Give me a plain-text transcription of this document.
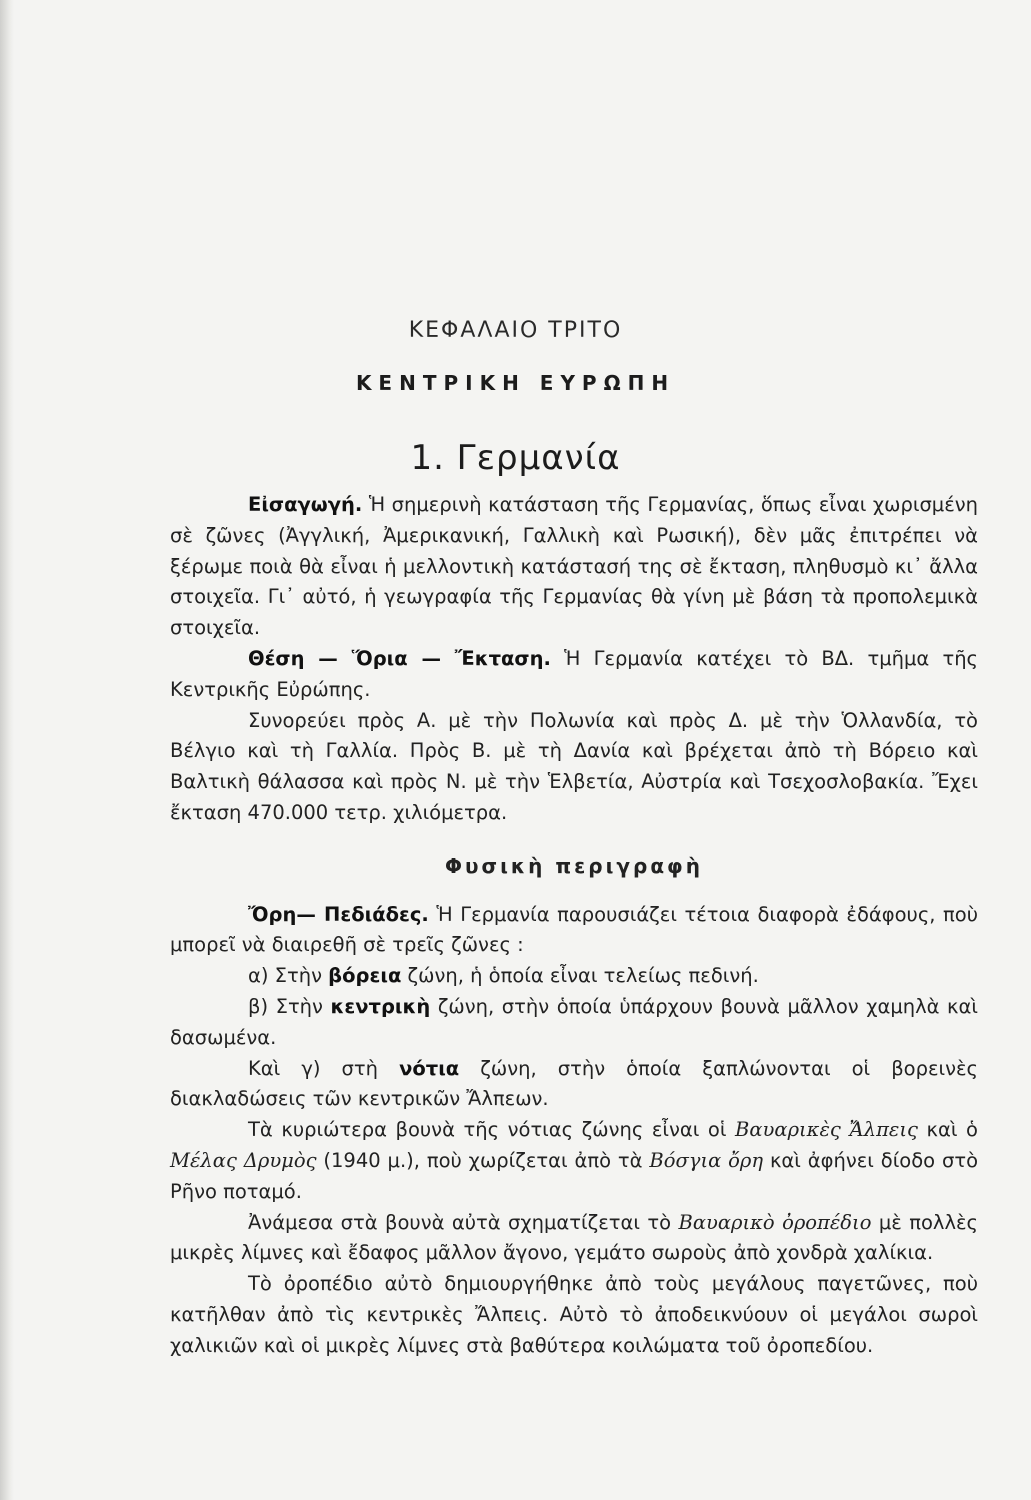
ΚΕΦΑΛΑΙΟ ΤΡΙΤΟ
ΚΕΝΤΡΙΚΗ ΕΥΡΩΠΗ
1. Γερμανία

Εἰσαγωγή. Ἡ σημερινὴ κατάσταση τῆς Γερμανίας, ὅπως εἶναι χωρισμένη σὲ ζῶνες (Ἀγγλική, Ἀμερικανική, Γαλλικὴ καὶ Ρωσική), δὲν μᾶς ἐπιτρέπει νὰ ξέρωμε ποιὰ θὰ εἶναι ἡ μελλοντικὴ κατάστασή της σὲ ἔκταση, πληθυσμὸ κι᾽ ἄλλα στοιχεῖα. Γι᾽ αὐτό, ἡ γεωγραφία τῆς Γερμανίας θὰ γίνη μὲ βάση τὰ προπολεμικὰ στοιχεῖα.

Θέση — Ὅρια — Ἔκταση. Ἡ Γερμανία κατέχει τὸ ΒΔ. τμῆμα τῆς Κεντρικῆς Εὐρώπης.

Συνορεύει πρὸς Α. μὲ τὴν Πολωνία καὶ πρὸς Δ. μὲ τὴν Ὁλλανδία, τὸ Βέλγιο καὶ τὴ Γαλλία. Πρὸς Β. μὲ τὴ Δανία καὶ βρέχεται ἀπὸ τὴ Βόρειο καὶ Βαλτικὴ θάλασσα καὶ πρὸς Ν. μὲ τὴν Ἑλβετία, Αὐστρία καὶ Τσεχοσλοβακία. Ἔχει ἔκταση 470.000 τετρ. χιλιόμετρα.

Φυσικὴ περιγραφὴ

Ὄρη— Πεδιάδες. Ἡ Γερμανία παρουσιάζει τέτοια διαφορὰ ἐδάφους, ποὺ μπορεῖ νὰ διαιρεθῆ σὲ τρεῖς ζῶνες :

α) Στὴν βόρεια ζώνη, ἡ ὁποία εἶναι τελείως πεδινή.

β) Στὴν κεντρικὴ ζώνη, στὴν ὁποία ὑπάρχουν βουνὰ μᾶλλον χαμηλὰ καὶ δασωμένα.

Καὶ γ) στὴ νότια ζώνη, στὴν ὁποία ξαπλώνονται οἱ βορεινὲς διακλαδώσεις τῶν κεντρικῶν Ἄλπεων.

Τὰ κυριώτερα βουνὰ τῆς νότιας ζώνης εἶναι οἱ Βαυαρικὲς Ἄλπεις καὶ ὁ Μέλας Δρυμὸς (1940 μ.), ποὺ χωρίζεται ἀπὸ τὰ Βόσγια ὄρη καὶ ἀφήνει δίοδο στὸ Ρῆνο ποταμό.

Ἀνάμεσα στὰ βουνὰ αὐτὰ σχηματίζεται τὸ Βαυαρικὸ ὀροπέδιο μὲ πολλὲς μικρὲς λίμνες καὶ ἔδαφος μᾶλλον ἄγονο, γεμάτο σωροὺς ἀπὸ χονδρὰ χαλίκια.

Τὸ ὀροπέδιο αὐτὸ δημιουργήθηκε ἀπὸ τοὺς μεγάλους παγετῶνες, ποὺ κατῆλθαν ἀπὸ τὶς κεντρικὲς Ἄλπεις. Αὐτὸ τὸ ἀποδεικνύουν οἱ μεγάλοι σωροὶ χαλικιῶν καὶ οἱ μικρὲς λίμνες στὰ βαθύτερα κοιλώματα τοῦ ὀροπεδίου.
